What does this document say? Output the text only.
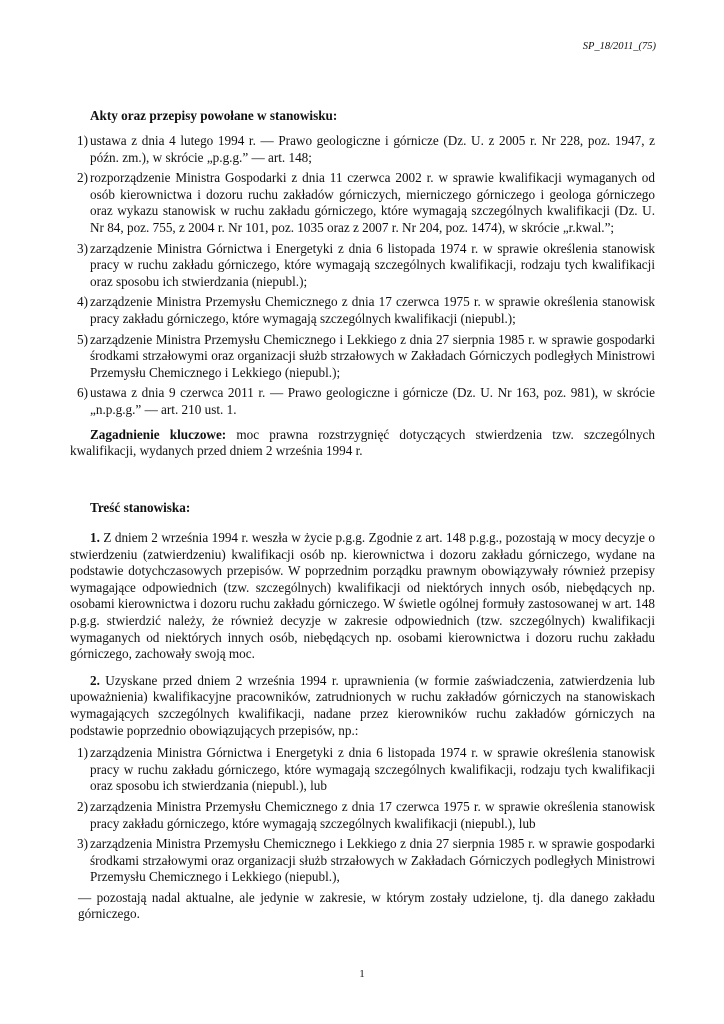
SP_18/2011_(75)

Akty oraz przepisy powołane w stanowisku:

1) ustawa z dnia 4 lutego 1994 r. — Prawo geologiczne i górnicze (Dz. U. z 2005 r. Nr 228, poz. 1947, z późn. zm.), w skrócie „p.g.g.” — art. 148;
2) rozporządzenie Ministra Gospodarki z dnia 11 czerwca 2002 r. w sprawie kwalifikacji wymaganych od osób kierownictwa i dozoru ruchu zakładów górniczych, mierniczego górniczego i geologa górniczego oraz wykazu stanowisk w ruchu zakładu górniczego, które wymagają szczególnych kwalifikacji (Dz. U. Nr 84, poz. 755, z 2004 r. Nr 101, poz. 1035 oraz z 2007 r. Nr 204, poz. 1474), w skrócie „r.kwal.”;
3) zarządzenie Ministra Górnictwa i Energetyki z dnia 6 listopada 1974 r. w sprawie określenia stanowisk pracy w ruchu zakładu górniczego, które wymagają szczególnych kwalifikacji, rodzaju tych kwalifikacji oraz sposobu ich stwierdzania (niepubl.);
4) zarządzenie Ministra Przemysłu Chemicznego z dnia 17 czerwca 1975 r. w sprawie określenia stanowisk pracy zakładu górniczego, które wymagają szczególnych kwalifikacji (niepubl.);
5) zarządzenie Ministra Przemysłu Chemicznego i Lekkiego z dnia 27 sierpnia 1985 r. w sprawie gospodarki środkami strzałowymi oraz organizacji służb strzałowych w Zakładach Górniczych podległych Ministrowi Przemysłu Chemicznego i Lekkiego (niepubl.);
6) ustawa z dnia 9 czerwca 2011 r. — Prawo geologiczne i górnicze (Dz. U. Nr 163, poz. 981), w skrócie „n.p.g.g.” — art. 210 ust. 1.

Zagadnienie kluczowe: moc prawna rozstrzygnięć dotyczących stwierdzenia tzw. szczególnych kwalifikacji, wydanych przed dniem 2 września 1994 r.

Treść stanowiska:

1. Z dniem 2 września 1994 r. weszła w życie p.g.g. Zgodnie z art. 148 p.g.g., pozostają w mocy decyzje o stwierdzeniu (zatwierdzeniu) kwalifikacji osób np. kierownictwa i dozoru zakładu górniczego, wydane na podstawie dotychczasowych przepisów. W poprzednim porządku prawnym obowiązywały również przepisy wymagające odpowiednich (tzw. szczególnych) kwalifikacji od niektórych innych osób, niebędących np. osobami kierownictwa i dozoru ruchu zakładu górniczego. W świetle ogólnej formuły zastosowanej w art. 148 p.g.g. stwierdzić należy, że również decyzje w zakresie odpowiednich (tzw. szczególnych) kwalifikacji wymaganych od niektórych innych osób, niebędących np. osobami kierownictwa i dozoru ruchu zakładu górniczego, zachowały swoją moc.

2. Uzyskane przed dniem 2 września 1994 r. uprawnienia (w formie zaświadczenia, zatwierdzenia lub upoważnienia) kwalifikacyjne pracowników, zatrudnionych w ruchu zakładów górniczych na stanowiskach wymagających szczególnych kwalifikacji, nadane przez kierowników ruchu zakładów górniczych na podstawie poprzednio obowiązujących przepisów, np.:

1) zarządzenia Ministra Górnictwa i Energetyki z dnia 6 listopada 1974 r. w sprawie określenia stanowisk pracy w ruchu zakładu górniczego, które wymagają szczególnych kwalifikacji, rodzaju tych kwalifikacji oraz sposobu ich stwierdzania (niepubl.), lub
2) zarządzenia Ministra Przemysłu Chemicznego z dnia 17 czerwca 1975 r. w sprawie określenia stanowisk pracy zakładu górniczego, które wymagają szczególnych kwalifikacji (niepubl.), lub
3) zarządzenia Ministra Przemysłu Chemicznego i Lekkiego z dnia 27 sierpnia 1985 r. w sprawie gospodarki środkami strzałowymi oraz organizacji służb strzałowych w Zakładach Górniczych podległych Ministrowi Przemysłu Chemicznego i Lekkiego (niepubl.),

— pozostają nadal aktualne, ale jedynie w zakresie, w którym zostały udzielone, tj. dla danego zakładu górniczego.

1
